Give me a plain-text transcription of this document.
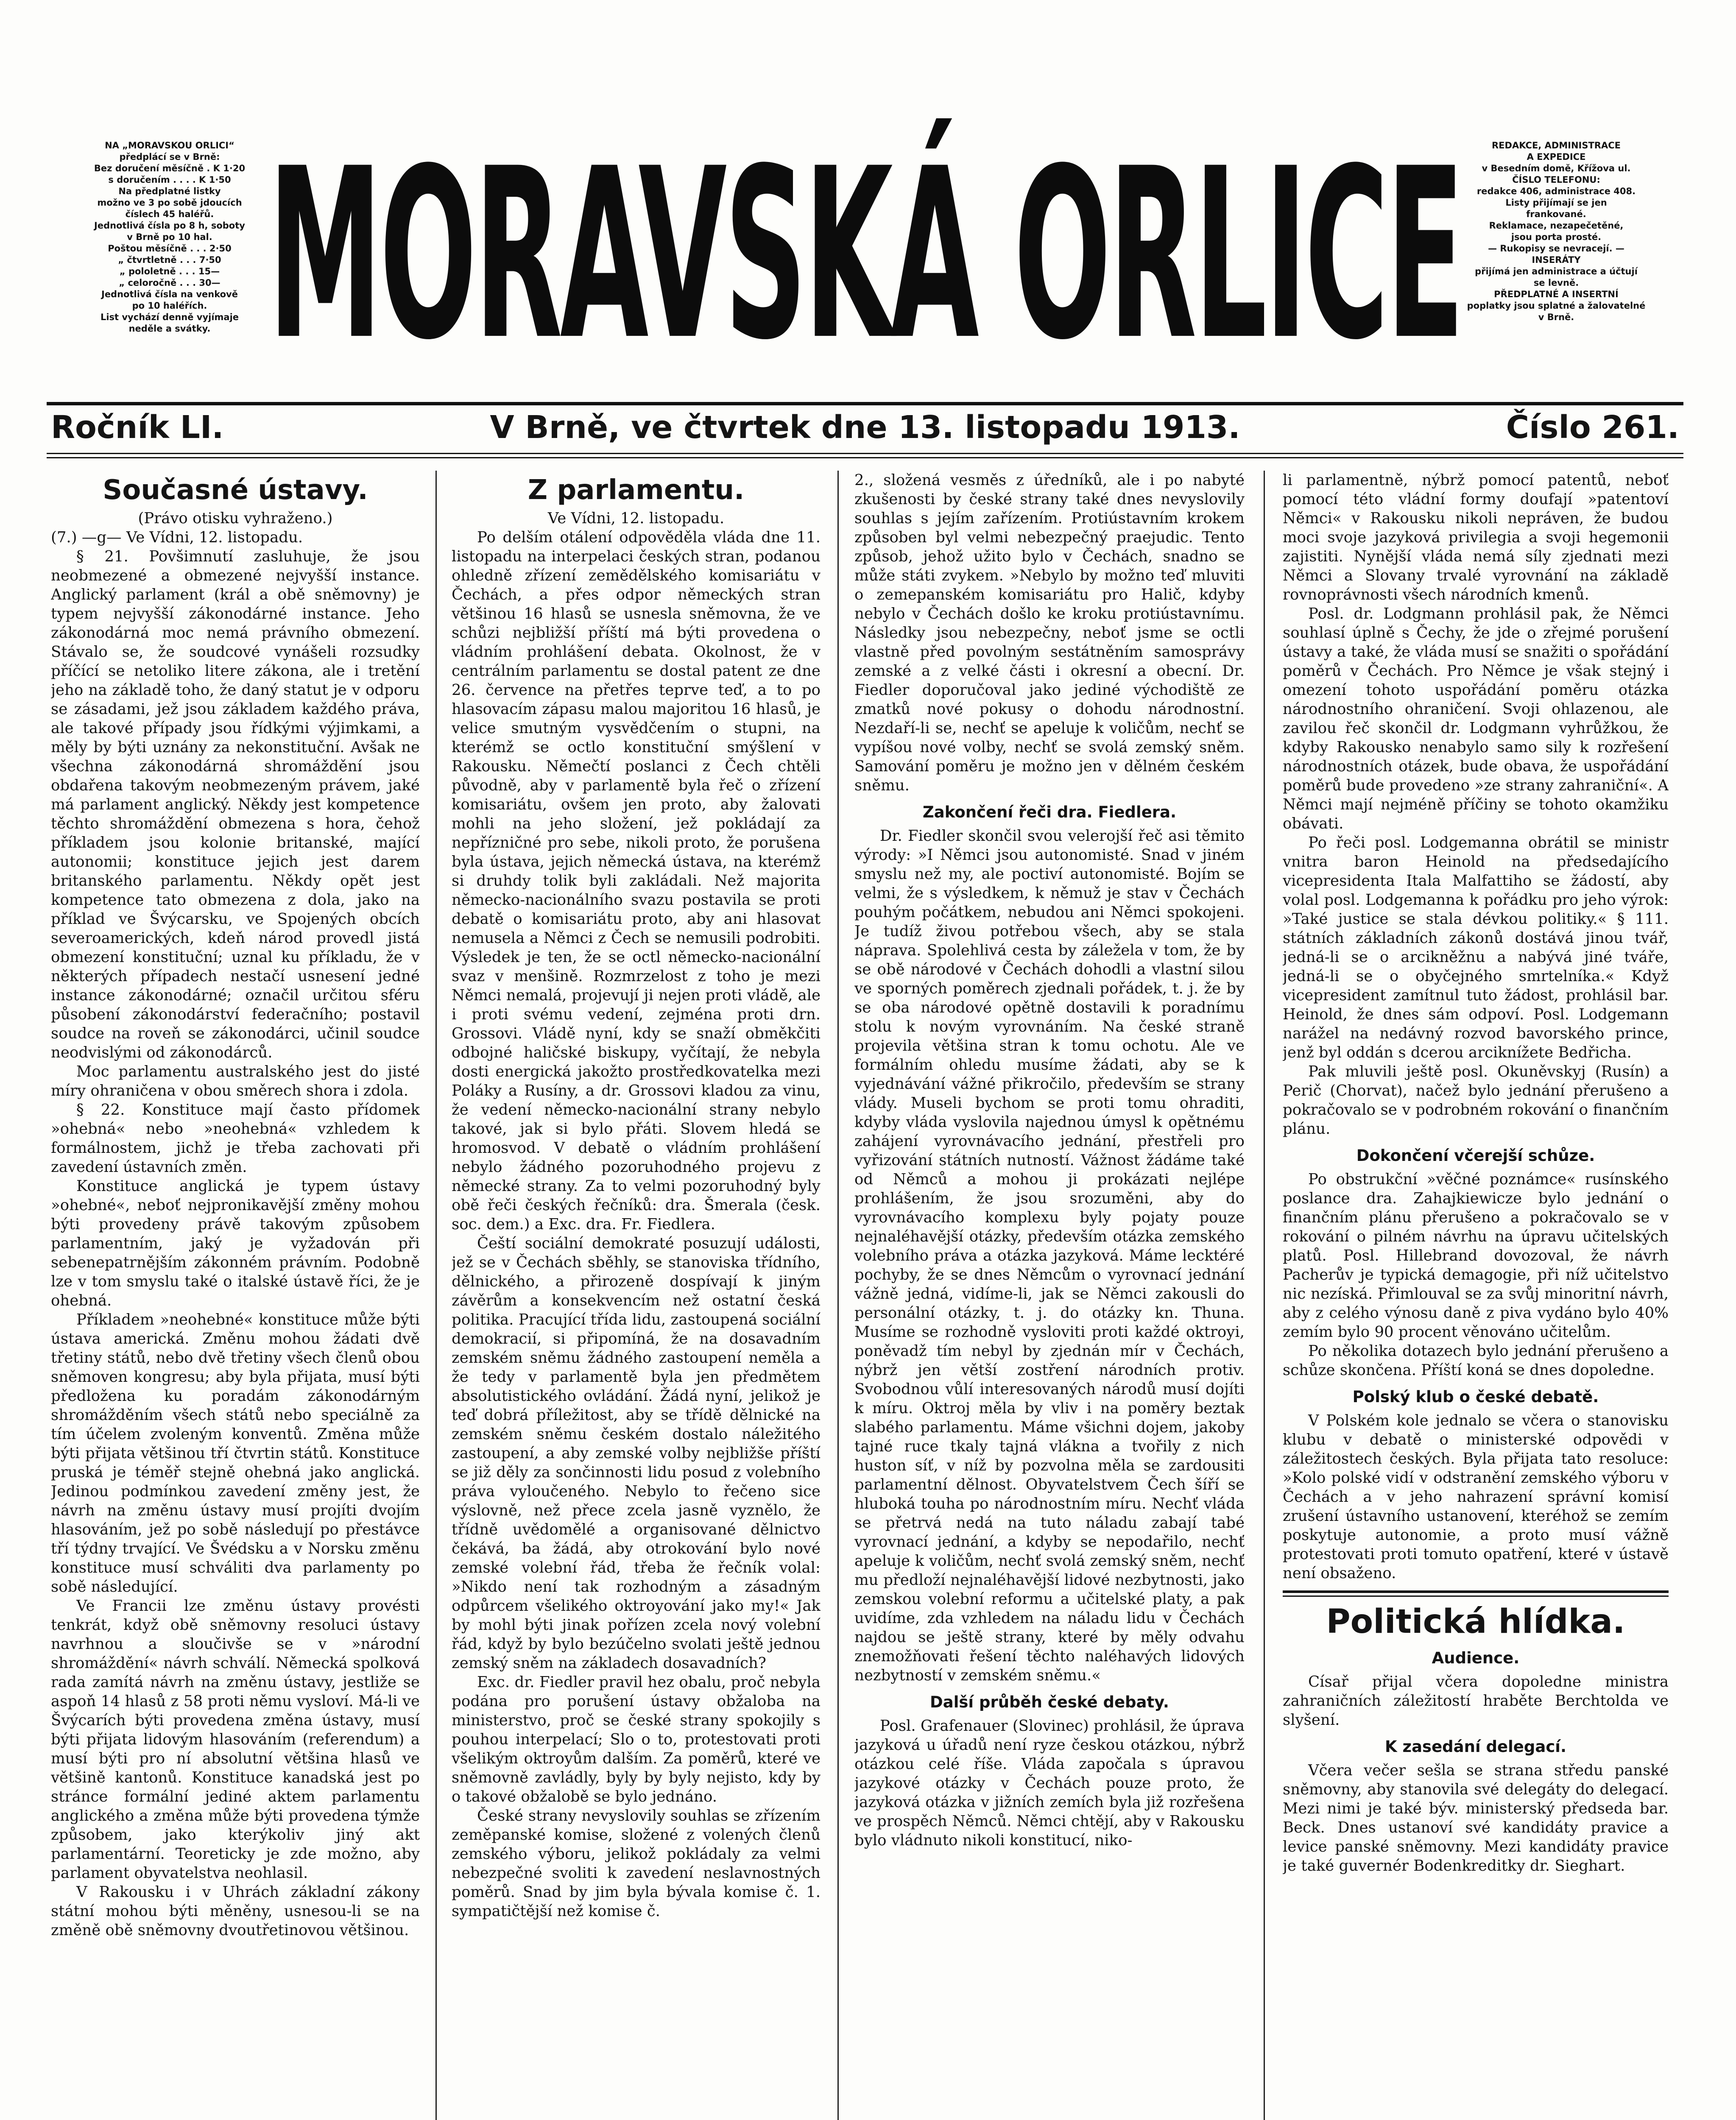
NA „MORAVSKOU ORLICI“
předplácí se v Brně:
Bez doručení měsíčně . K 1·20
s doručením . . . . K 1·50
Na předplatné listky
možno ve 3 po sobě jdoucích
číslech 45 haléřů.
Jednotlivá čísla po 8 h, soboty
v Brně po 10 hal.
Poštou měsíčně . . . 2·50
„ čtvrtletně . . . 7·50
„ pololetně . . . 15—
„ celoročně . . . 30—
Jednotlivá čísla na venkově
po 10 haléřích.
List vychází denně vyjímaje
neděle a svátky. MORAVSKÁ ORLICE	REDAKCE, ADMINISTRACE
A EXPEDICE
v Besedním domě, Křížova ul.
ČÍSLO TELEFONU:
redakce 406, administrace 408.
Listy přijímají se jen
frankované.
Reklamace, nezapečetěné,
jsou porta prosté.
— Rukopisy se nevracejí. —
INSERÁTY
přijímá jen administrace a účtují
se levně.
PŘEDPLATNÉ A INSERTNÍ
poplatky jsou splatné a žalovatelné
v Brně.
Ročník LI.	V Brně, ve čtvrtek dne 13. listopadu 1913.	Číslo 261.
Současné ústavy.

(Právo otisku vyhraženo.)

(7.) —g— Ve Vídni, 12. listopadu.

§ 21. Povšimnutí zasluhuje, že jsou neobmezené a obmezené nejvyšší instance. Anglický parlament (král a obě sněmovny) je typem nejvyšší zákonodárné instance. Jeho zákonodárná moc nemá právního obmezení. Stávalo se, že soudcové vynášeli rozsudky příčící se netoliko litere zákona, ale i tretění jeho na základě toho, že daný statut je v odporu se zásadami, jež jsou základem každého práva, ale takové případy jsou řídkými výjimkami, a měly by býti uznány za nekonstituční. Avšak ne všechna zákonodárná shromáždění jsou obdařena takovým neobmezeným právem, jaké má parlament anglický. Někdy jest kompetence těchto shromáždění obmezena s hora, čehož příkladem jsou kolonie britanské, mající autonomii; konstituce jejich jest darem britanského parlamentu. Někdy opět jest kompetence tato obmezena z dola, jako na příklad ve Švýcarsku, ve Spojených obcích severoamerických, kdeň národ provedl jistá obmezení konstituční; uznal ku příkladu, že v některých případech nestačí usnesení jedné instance zákonodárné; označil určitou sféru působení zákonodárství federačního; postavil soudce na roveň se zákonodárci, učinil soudce neodvislými od zákonodárců.

Moc parlamentu australského jest do jisté míry ohraničena v obou směrech shora i zdola.

§ 22. Konstituce mají často přídomek »ohebná« nebo »neohebná« vzhledem k formálnostem, jichž je třeba zachovati při zavedení ústavních změn.

Konstituce anglická je typem ústavy »ohebné«, neboť nejpronikavější změny mohou býti provedeny právě takovým způsobem parlamentním, jaký je vyžadován při sebenepatrnějším zákonném právním. Podobně lze v tom smyslu také o italské ústavě říci, že je ohebná.

Příkladem »neohebné« konstituce může býti ústava americká. Změnu mohou žádati dvě třetiny států, nebo dvě třetiny všech členů obou sněmoven kongresu; aby byla přijata, musí býti předložena ku poradám zákonodárným shromážděním všech států nebo speciálně za tím účelem zvoleným konventů. Změna může býti přijata většinou tří čtvrtin států. Konstituce pruská je téměř stejně ohebná jako anglická. Jedinou podmínkou zavedení změny jest, že návrh na změnu ústavy musí projíti dvojím hlasováním, jež po sobě následují po přestávce tří týdny trvající. Ve Švédsku a v Norsku změnu konstituce musí schváliti dva parlamenty po sobě následující.

Ve Francii lze změnu ústavy provésti tenkrát, když obě sněmovny resoluci ústavy navrhnou a sloučivše se v »národní shromáždění« návrh schválí. Německá spolková rada zamítá návrh na změnu ústavy, jestliže se aspoň 14 hlasů z 58 proti němu vysloví. Má-li ve Švýcarích býti provedena změna ústavy, musí býti přijata lidovým hlasováním (referendum) a musí býti pro ní absolutní většina hlasů ve většině kantonů. Konstituce kanadská jest po stránce formální jediné aktem parlamentu anglického a změna může býti provedena týmže způsobem, jako kterýkoliv jiný akt parlamentární. Teoreticky je zde možno, aby parlament obyvatelstva neohlasil.

V Rakousku i v Uhrách základní zákony státní mohou býti měněny, usnesou-li se na změně obě sněmovny dvoutřetinovou většinou.

Z parlamentu.

Ve Vídni, 12. listopadu.

Po delším otálení odpověděla vláda dne 11. listopadu na interpelaci českých stran, podanou ohledně zřízení zemědělského komisariátu v Čechách, a přes odpor německých stran většinou 16 hlasů se usnesla sněmovna, že ve schůzi nejbližší příští má býti provedena o vládním prohlášení debata. Okolnost, že v centrálním parlamentu se dostal patent ze dne 26. července na přetřes teprve teď, a to po hlasovacím zápasu malou majoritou 16 hlasů, je velice smutným vysvědčením o stupni, na kterémž se octlo konstituční smýšlení v Rakousku. Němečtí poslanci z Čech chtěli původně, aby v parlamentě byla řeč o zřízení komisariátu, ovšem jen proto, aby žalovati mohli na jeho složení, jež pokládají za nepřízničné pro sebe, nikoli proto, že porušena byla ústava, jejich německá ústava, na kterémž si druhdy tolik byli zakládali. Než majorita německo-nacionálního svazu postavila se proti debatě o komisariátu proto, aby ani hlasovat nemusela a Němci z Čech se nemusili podrobiti. Výsledek je ten, že se octl německo-nacionální svaz v menšině. Rozmrzelost z toho je mezi Němci nemalá, projevují ji nejen proti vládě, ale i proti svému vedení, zejména proti drn. Grossovi. Vládě nyní, kdy se snaží obměkčiti odbojné haličské biskupy, vyčítají, že nebyla dosti energická jakožto prostředkovatelka mezi Poláky a Rusíny, a dr. Grossovi kladou za vinu, že vedení německo-nacionální strany nebylo takové, jak si bylo přáti. Slovem hledá se hromosvod. V debatě o vládním prohlášení nebylo žádného pozoruhodného projevu z německé strany. Za to velmi pozoruhodný byly obě řeči českých řečníků: dra. Šmerala (česk. soc. dem.) a Exc. dra. Fr. Fiedlera.

Čeští sociální demokraté posuzují události, jež se v Čechách sběhly, se stanoviska třídního, dělnického, a přirozeně dospívají k jiným závěrům a konsekvencím než ostatní česká politika. Pracující třída lidu, zastoupená sociální demokracií, si připomíná, že na dosavadním zemském sněmu žádného zastoupení neměla a že tedy v parlamentě byla jen předmětem absolutistického ovládání. Žádá nyní, jelikož je teď dobrá příležitost, aby se třídě dělnické na zemském sněmu českém dostalo náležitého zastoupení, a aby zemské volby nejbližše příští se již děly za sončinnosti lidu posud z volebního práva vyloučeného. Nebylo to řečeno sice výslovně, než přece zcela jasně vyznělo, že třídně uvědomělé a organisované dělnictvo čekává, ba žádá, aby otrokování bylo nové zemské volební řád, třeba že řečník volal: »Nikdo není tak rozhodným a zásadným odpůrcem všelikého oktroyování jako my!« Jak by mohl býti jinak pořízen zcela nový volební řád, když by bylo bezúčelno svolati ještě jednou zemský sněm na základech dosavadních?

Exc. dr. Fiedler pravil hez obalu, proč nebyla podána pro porušení ústavy obžaloba na ministerstvo, proč se české strany spokojily s pouhou interpelací; Slo o to, protestovati proti všelikým oktroyům dalším. Za poměrů, které ve sněmovně zavládly, byly by byly nejisto, kdy by o takové obžalobě se bylo jednáno.

České strany nevyslovily souhlas se zřízením zeměpanské komise, složené z volených členů zemského výboru, jelikož pokládaly za velmi nebezpečné svoliti k zavedení neslavnostných poměrů. Snad by jim byla bývala komise č. 1. sympatičtější než komise č.

2., složená vesměs z úředníků, ale i po nabyté zkušenosti by české strany také dnes nevyslovily souhlas s jejím zařízením. Protiústavním krokem způsoben byl velmi nebezpečný praejudic. Tento způsob, jehož užito bylo v Čechách, snadno se může státi zvykem. »Nebylo by možno teď mluviti o zemepanském komisariátu pro Halič, kdyby nebylo v Čechách došlo ke kroku protiústavnímu. Následky jsou nebezpečny, neboť jsme se octli vlastně před povolným sestátněním samosprávy zemské a z velké části i okresní a obecní. Dr. Fiedler doporučoval jako jediné východiště ze zmatků nové pokusy o dohodu národnostní. Nezdaří-li se, nechť se apeluje k voličům, nechť se vypíšou nové volby, nechť se svolá zemský sněm. Samování poměru je možno jen v dělném českém sněmu.

Zakončení řeči dra. Fiedlera.

Dr. Fiedler skončil svou velerojší řeč asi těmito výrody: »I Němci jsou autonomisté. Snad v jiném smyslu než my, ale poctiví autonomisté. Bojím se velmi, že s výsledkem, k němuž je stav v Čechách pouhým počátkem, nebudou ani Němci spokojeni. Je tudíž živou potřebou všech, aby se stala náprava. Spolehlivá cesta by záležela v tom, že by se obě národové v Čechách dohodli a vlastní silou ve sporných poměrech zjednali pořádek, t. j. že by se oba národové opětně dostavili k poradnímu stolu k novým vyrovnáním. Na české straně projevila většina stran k tomu ochotu. Ale ve formálním ohledu musíme žádati, aby se k vyjednávání vážné přikročilo, především se strany vlády. Museli bychom se proti tomu ohraditi, kdyby vláda vyslovila najednou úmysl k opětnému zahájení vyrovnávacího jednání, přestřeli pro vyřizování státních nutností. Vážnost žádáme také od Němců a mohou ji prokázati nejlépe prohlášením, že jsou srozuměni, aby do vyrovnávacího komplexu byly pojaty pouze nejnaléhavější otázky, především otázka zemského volebního práva a otázka jazyková. Máme lecktéré pochyby, že se dnes Němcům o vyrovnací jednání vážně jedná, vidíme-li, jak se Němci zakousli do personální otázky, t. j. do otázky kn. Thuna. Musíme se rozhodně vysloviti proti každé oktroyi, poněvadž tím nebyl by zjednán mír v Čechách, nýbrž jen větší zostření národních protiv. Svobodnou vůlí interesovaných národů musí dojíti k míru. Oktroj měla by vliv i na poměry beztak slabého parlamentu. Máme všichni dojem, jakoby tajné ruce tkaly tajná vlákna a tvořily z nich huston síť, v níž by pozvolna měla se zardousiti parlamentní dělnost. Obyvatelstvem Čech šíří se hluboká touha po národnostním míru. Nechť vláda se přetrvá nedá na tuto náladu zabají tabé vyrovnací jednání, a kdyby se nepodařilo, nechť apeluje k voličům, nechť svolá zemský sněm, nechť mu předloží nejnaléhavější lidové nezbytnosti, jako zemskou volební reformu a učitelské platy, a pak uvidíme, zda vzhledem na náladu lidu v Čechách najdou se ještě strany, které by měly odvahu znemožňovati řešení těchto naléhavých lidových nezbytností v zemském sněmu.«

Další průběh české debaty.

Posl. Grafenauer (Slovinec) prohlásil, že úprava jazyková u úřadů není ryze českou otázkou, nýbrž otázkou celé říše. Vláda započala s úpravou jazykové otázky v Čechách pouze proto, že jazyková otázka v jižních zemích byla již rozřešena ve prospěch Němců. Němci chtějí, aby v Rakousku bylo vládnuto nikoli konstitucí, niko-

li parlamentně, nýbrž pomocí patentů, neboť pomocí této vládní formy doufají »patentoví Němci« v Rakousku nikoli nepráven, že budou moci svoje jazyková privilegia a svoji hegemonii zajistiti. Nynější vláda nemá síly zjednati mezi Němci a Slovany trvalé vyrovnání na základě rovnoprávnosti všech národních kmenů.

Posl. dr. Lodgmann prohlásil pak, že Němci souhlasí úplně s Čechy, že jde o zřejmé porušení ústavy a také, že vláda musí se snažiti o spořádání poměrů v Čechách. Pro Němce je však stejný i omezení tohoto uspořádání poměru otázka národnostního ohraničení. Svoji ohlazenou, ale zavilou řeč skončil dr. Lodgmann vyhrůžkou, že kdyby Rakousko nenabylo samo sily k rozřešení národnostních otázek, bude obava, že uspořádání poměrů bude provedeno »ze strany zahraniční«. A Němci mají nejméně příčiny se tohoto okamžiku obávati.

Po řeči posl. Lodgemanna obrátil se ministr vnitra baron Heinold na předsedajícího vicepresidenta Itala Malfattiho se žádostí, aby volal posl. Lodgemanna k pořádku pro jeho výrok: »Také justice se stala dévkou politiky.« § 111. státních základních zákonů dostává jinou tvář, jedná-li se o arcikněžnu a nabývá jiné tváře, jedná-li se o obyčejného smrtelníka.« Když vicepresident zamítnul tuto žádost, prohlásil bar. Heinold, že dnes sám odpoví. Posl. Lodgemann narážel na nedávný rozvod bavorského prince, jenž byl oddán s dcerou arciknížete Bedřicha.

Pak mluvili ještě posl. Okuněvskyj (Rusín) a Perič (Chorvat), načež bylo jednání přerušeno a pokračovalo se v podrobném rokování o finančním plánu.

Dokončení včerejší schůze.

Po obstrukční »věčné poznámce« rusínského poslance dra. Zahajkiewicze bylo jednání o finančním plánu přerušeno a pokračovalo se v rokování o pilném návrhu na úpravu učitelských platů. Posl. Hillebrand dovozoval, že návrh Pacherův je typická demagogie, při níž učitelstvo nic nezíská. Přimlouval se za svůj minoritní návrh, aby z celého výnosu daně z piva vydáno bylo 40% zemím bylo 90 procent věnováno učitelům.

Po několika dotazech bylo jednání přerušeno a schůze skončena. Příští koná se dnes dopoledne.

Polský klub o české debatě.

V Polském kole jednalo se včera o stanovisku klubu v debatě o ministerské odpovědi v záležitostech českých. Byla přijata tato resoluce: »Kolo polské vidí v odstranění zemského výboru v Čechách a v jeho nahrazení správní komisí zrušení ústavního ustanovení, kteréhož se zemím poskytuje autonomie, a proto musí vážně protestovati proti tomuto opatření, které v ústavě není obsaženo.

Politická hlídka.
Audience.

Císař přijal včera dopoledne ministra zahraničních záležitostí hraběte Berchtolda ve slyšení.

K zasedání delegací.

Včera večer sešla se strana středu panské sněmovny, aby stanovila své delegáty do delegací. Mezi nimi je také býv. ministerský předseda bar. Beck. Dnes ustanoví své kandidáty pravice a levice panské sněmovny. Mezi kandidáty pravice je také guvernér Bodenkreditky dr. Sieghart.
